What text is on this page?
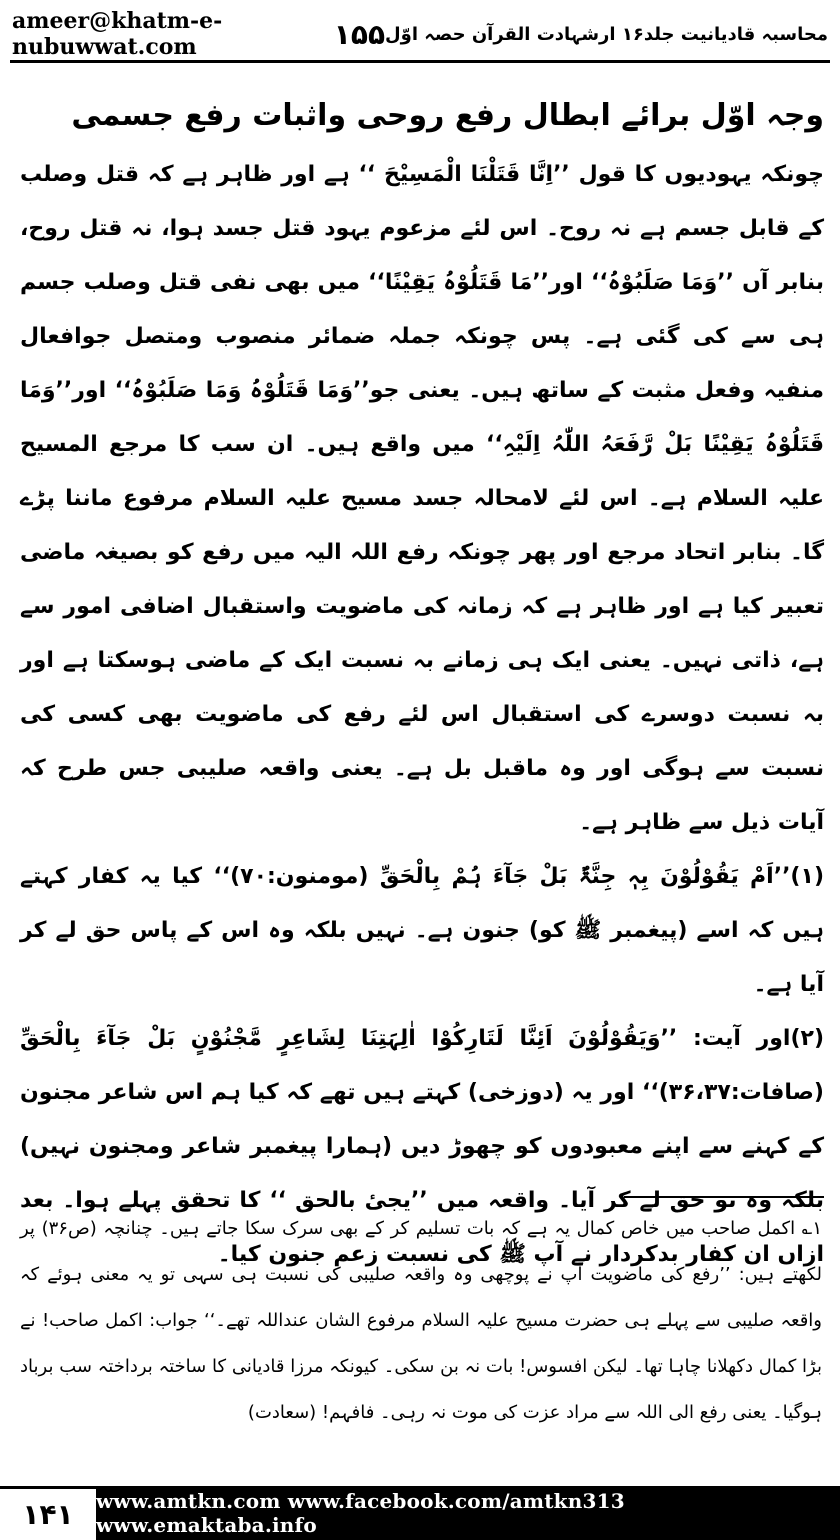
ameer@khatm-e-nubuwwat.com	۱۵۵ محاسبہ قادیانیت جلد۱۶ ارشہادت القرآن حصہ اوّل
وجہ اوّل برائے ابطال رفع روحی واثبات رفع جسمی

چونکہ یہودیوں کا قول ’’اِنَّا قَتَلْنَا الْمَسِیْحَ ‘‘ ہے اور ظاہر ہے کہ قتل وصلب کے قابل جسم ہے نہ روح۔ اس لئے مزعوم یہود قتل جسد ہوا، نہ قتل روح، بنابر آں ’’وَمَا صَلَبُوْہُ‘‘ اور’’مَا قَتَلُوْہُ یَقِیْنًا‘‘ میں بھی نفی قتل وصلب جسم ہی سے کی گئی ہے۔ پس چونکہ جملہ ضمائر منصوب ومتصل جوافعال منفیہ وفعل مثبت کے ساتھ ہیں۔ یعنی جو’’وَمَا قَتَلُوْہُ وَمَا صَلَبُوْہُ‘‘ اور’’وَمَا قَتَلُوْہُ یَقِیْنًا بَلْ رَّفَعَہُ اللّٰہُ اِلَیْہِ‘‘ میں واقع ہیں۔ ان سب کا مرجع المسیح علیہ السلام ہے۔ اس لئے لامحالہ جسد مسیح علیہ السلام مرفوع ماننا پڑے گا۔ بنابر اتحاد مرجع اور پھر چونکہ رفع اللہ الیہ میں رفع کو بصیغہ ماضی تعبیر کیا ہے اور ظاہر ہے کہ زمانہ کی ماضویت واستقبال اضافی امور سے ہے، ذاتی نہیں۔ یعنی ایک ہی زمانے بہ نسبت ایک کے ماضی ہوسکتا ہے اور بہ نسبت دوسرے کی استقبال اس لئے رفع کی ماضویت بھی کسی کی نسبت سے ہوگی اور وہ ماقبل بل ہے۔ یعنی واقعہ صلیبی جس طرح کہ آیات ذیل سے ظاہر ہے۔

(۱)’’اَمْ یَقُوْلُوْنَ بِہٖ جِنَّۃٌ بَلْ جَآءَ ہُمْ بِالْحَقِّ (مومنون:۷۰)‘‘ کیا یہ کفار کہتے ہیں کہ اسے (پیغمبر ﷺ کو) جنون ہے۔ نہیں بلکہ وہ اس کے پاس حق لے کر آیا ہے۔

(۲)اور آیت: ’’وَیَقُوْلُوْنَ اَئِنَّا لَتَارِکُوْا اٰلِہَتِنَا لِشَاعِرٍ مَّجْنُوْنٍ بَلْ جَآءَ بِالْحَقِّ (صافات:۳۶،۳۷)‘‘ اور یہ (دوزخی) کہتے ہیں تھے کہ کیا ہم اس شاعر مجنون کے کہنے سے اپنے معبودوں کو چھوڑ دیں (ہمارا پیغمبر شاعر ومجنون نہیں) بلکہ وہ تو حق لے کر آیا۔ واقعہ میں ’’یجیٔ بالحق ‘‘ کا تحقق پہلے ہوا۔ بعد ازاں ان کفار بدکردار نے آپ ﷺ کی نسبت زعم جنون کیا۔

۱؎ اکمل صاحب میں خاص کمال یہ ہے کہ بات تسلیم کر کے بھی سرک سکا جاتے ہیں۔ چنانچہ (ص۳۶) پر لکھتے ہیں: ’’رفع کی ماضویت آپ نے پوچھی وہ واقعہ صلیبی کی نسبت ہی سہی تو یہ معنی ہوئے کہ واقعہ صلیبی سے پہلے ہی حضرت مسیح علیہ السلام مرفوع الشان عنداللہ تھے۔‘‘ جواب: اکمل صاحب! نے بڑا کمال دکھلانا چاہا تھا۔ لیکن افسوس! بات نہ بن سکی۔ کیونکہ مرزا قادیانی کا ساختہ برداختہ سب برباد ہوگیا۔ یعنی رفع الی اللہ سے مراد عزت کی موت نہ رہی۔ فافہم! (سعادت)
۱۴۱	www.amtkn.com www.facebook.com/amtkn313 www.emaktaba.info
